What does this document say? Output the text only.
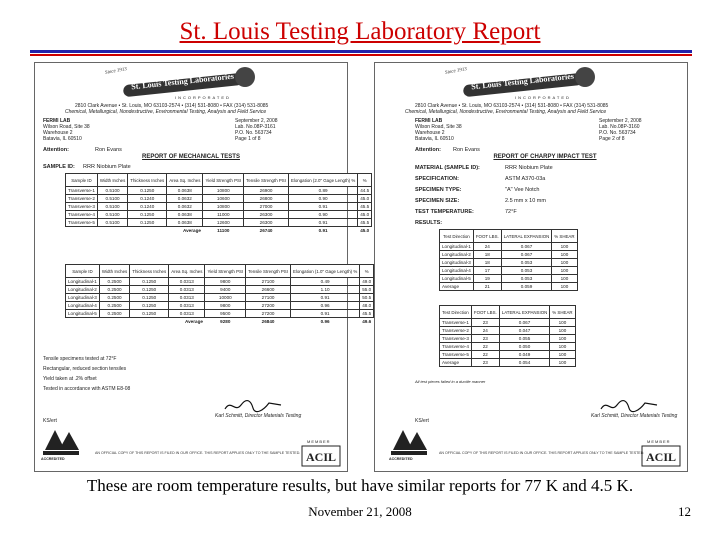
St. Louis Testing Laboratory Report
Since 1913
St. Louis Testing Laboratories
INCORPORATED
2810 Clark Avenue • St. Louis, MO 63103-2574 • (314) 531-8080 • FAX (314) 531-8085
Chemical, Metallurgical, Nondestructive, Environmental Testing, Analysis and Field Service
FERMI LAB
Wilson Road, Site 38
Warehouse 2
Batavia, IL 60510
September 2, 2008
Lab. No.08P-3161
P.O. No. 563734
Page 1 of 8
Attention:	Ron Evans
REPORT OF MECHANICAL TESTS
SAMPLE ID: RRR Niobium Plate
Sample ID	Width Inches	Thickness Inches	Area Sq. Inches	Yield Strength PSI	Tensile Strength PSI	Elongation (2.0" Gage Length) %	%
Transverse-1	0.5100	0.1250	0.0638	10800	26900	0.89	44.5
Transverse-2	0.5100	0.1240	0.0632	10600	26800	0.90	45.0
Transverse-3	0.5100	0.1240	0.0632	10800	27000	0.91	45.5
Transverse-4	0.5100	0.1250	0.0638	11000	26300	0.90	45.0
Transverse-5	0.5100	0.1250	0.0638	12600	26300	0.91	45.5
Average				11100	26740	0.91	45.0
Sample ID	Width Inches	Thickness Inches	Area Sq. Inches	Yield Strength PSI	Tensile Strength PSI	Elongation (1.0" Gage Length) %	%
Longitudinal-1	0.2500	0.1250	0.0313	9800	27100	0.49	49.0
Longitudinal-2	0.2500	0.1250	0.0313	9400	26600	1.10	55.0
Longitudinal-3	0.2500	0.1250	0.0313	10000	27100	0.91	50.5
Longitudinal-4	0.2500	0.1250	0.0313	9800	27200	0.96	48.0
Longitudinal-5	0.2500	0.1250	0.0313	9500	27200	0.91	45.5
Average				9280	26840	0.96	49.6
Tensile specimens tested at 72°F
Rectangular, reduced section tensiles
Yield taken at .2% offset
Tested in accordance with ASTM E8-08
Karl Schmitt, Director Materials Testing
KS/ert
ACCREDITED
AN OFFICIAL COPY OF THIS REPORT IS FILED IN OUR OFFICE. THIS REPORT APPLIES ONLY TO THE SAMPLE TESTED.
MEMBER
ACIL
Since 1913
St. Louis Testing Laboratories
INCORPORATED
2810 Clark Avenue • St. Louis, MO 63103-2574 • (314) 531-8080 • FAX (314) 531-8085
Chemical, Metallurgical, Nondestructive, Environmental Testing, Analysis and Field Service
FERMI LAB
Wilson Road, Site 38
Warehouse 2
Batavia, IL 60510
September 2, 2008
Lab. No.08P-3160
P.O. No. 563734
Page 2 of 8
Attention: Ron Evans
REPORT OF CHARPY IMPACT TEST
MATERIAL (SAMPLE ID):	RRR Niobium Plate
SPECIFICATION:	ASTM A370-03a
SPECIMEN TYPE:	"A" Vee Notch
SPECIMEN SIZE:	2.5 mm x 10 mm
TEST TEMPERATURE:	72°F
RESULTS:
Test Direction	FOOT LBS.	LATERAL EXPANSION	% SHEAR
Longitudinal-1	24	0.067	100
Longitudinal-2	18	0.067	100
Longitudinal-3	18	0.053	100
Longitudinal-4	17	0.053	100
Longitudinal-5	19	0.053	100
Average	21	0.059	100
Test Direction	FOOT LBS.	LATERAL EXPANSION	% SHEAR
Transverse-1	23	0.067	100
Transverse-2	24	0.047	100
Transverse-3	23	0.055	100
Transverse-4	22	0.050	100
Transverse-5	22	0.049	100
Average	23	0.054	100
All test pieces failed in a ductile manner
Karl Schmitt, Director Materials Testing
KS/ert
ACCREDITED
AN OFFICIAL COPY OF THIS REPORT IS FILED IN OUR OFFICE. THIS REPORT APPLIES ONLY TO THE SAMPLE TESTED.
MEMBER
ACIL
These are room temperature results, but have similar reports for 77 K and 4.5 K.
November 21, 2008	12
